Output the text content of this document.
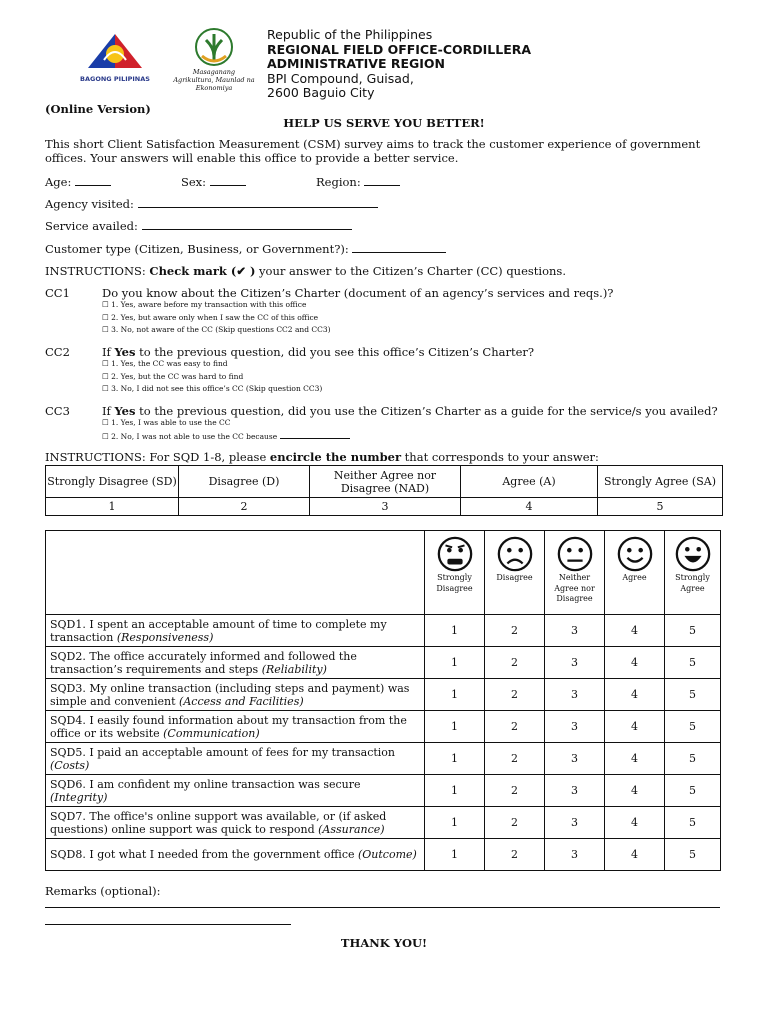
BAGONG PILIPINAS
Masaganang Agrikultura, Maunlad na Ekonomiya
Republic of the Philippines
REGIONAL FIELD OFFICE-CORDILLERA
ADMINISTRATIVE REGION
BPI Compound, Guisad,
2600 Baguio City
(Online Version)
HELP US SERVE YOU BETTER!
This short Client Satisfaction Measurement (CSM) survey aims to track the customer experience of government offices. Your answers will enable this office to provide a better service.
Age:	Sex:	Region:
Agency visited:
Service availed:
Customer type (Citizen, Business, or Government?):
INSTRUCTIONS: Check mark (✔ ) your answer to the Citizen’s Charter (CC) questions.
CC1	Do you know about the Citizen’s Charter (document of an agency’s services and reqs.)?
☐ 1. Yes, aware before my transaction with this office
☐ 2. Yes, but aware only when I saw the CC of this office
☐ 3. No, not aware of the CC (Skip questions CC2 and CC3)
CC2	If Yes to the previous question, did you see this office’s Citizen’s Charter?
☐ 1. Yes, the CC was easy to find
☐ 2. Yes, but the CC was hard to find
☐ 3. No, I did not see this office’s CC (Skip question CC3)
CC3	If Yes to the previous question, did you use the Citizen’s Charter as a guide for the service/s you availed?
☐ 1. Yes, I was able to use the CC
☐ 2. No, I was not able to use the CC because
INSTRUCTIONS: For SQD 1-8, please encircle the number that corresponds to your answer:
Strongly Disagree (SD)	Disagree (D)	Neither Agree nor Disagree (NAD)	Agree (A)	Strongly Agree (SA)
1	2	3	4	5

	Strongly Disagree	Disagree	Neither Agree nor Disagree	Agree	Strongly Agree

SQD1. I spent an acceptable amount of time to complete my transaction (Responsiveness)	1	2	3	4	5
SQD2. The office accurately informed and followed the transaction’s requirements and steps (Reliability)	1	2	3	4	5
SQD3. My online transaction (including steps and payment) was simple and convenient (Access and Facilities)	1	2	3	4	5
SQD4. I easily found information about my transaction from the office or its website (Communication)	1	2	3	4	5
SQD5. I paid an acceptable amount of fees for my transaction (Costs)	1	2	3	4	5
SQD6. I am confident my online transaction was secure (Integrity)	1	2	3	4	5
SQD7. The office's online support was available, or (if asked questions) online support was quick to respond (Assurance)	1	2	3	4	5
SQD8. I got what I needed from the government office (Outcome)	1	2	3	4	5
Remarks (optional):
THANK YOU!
